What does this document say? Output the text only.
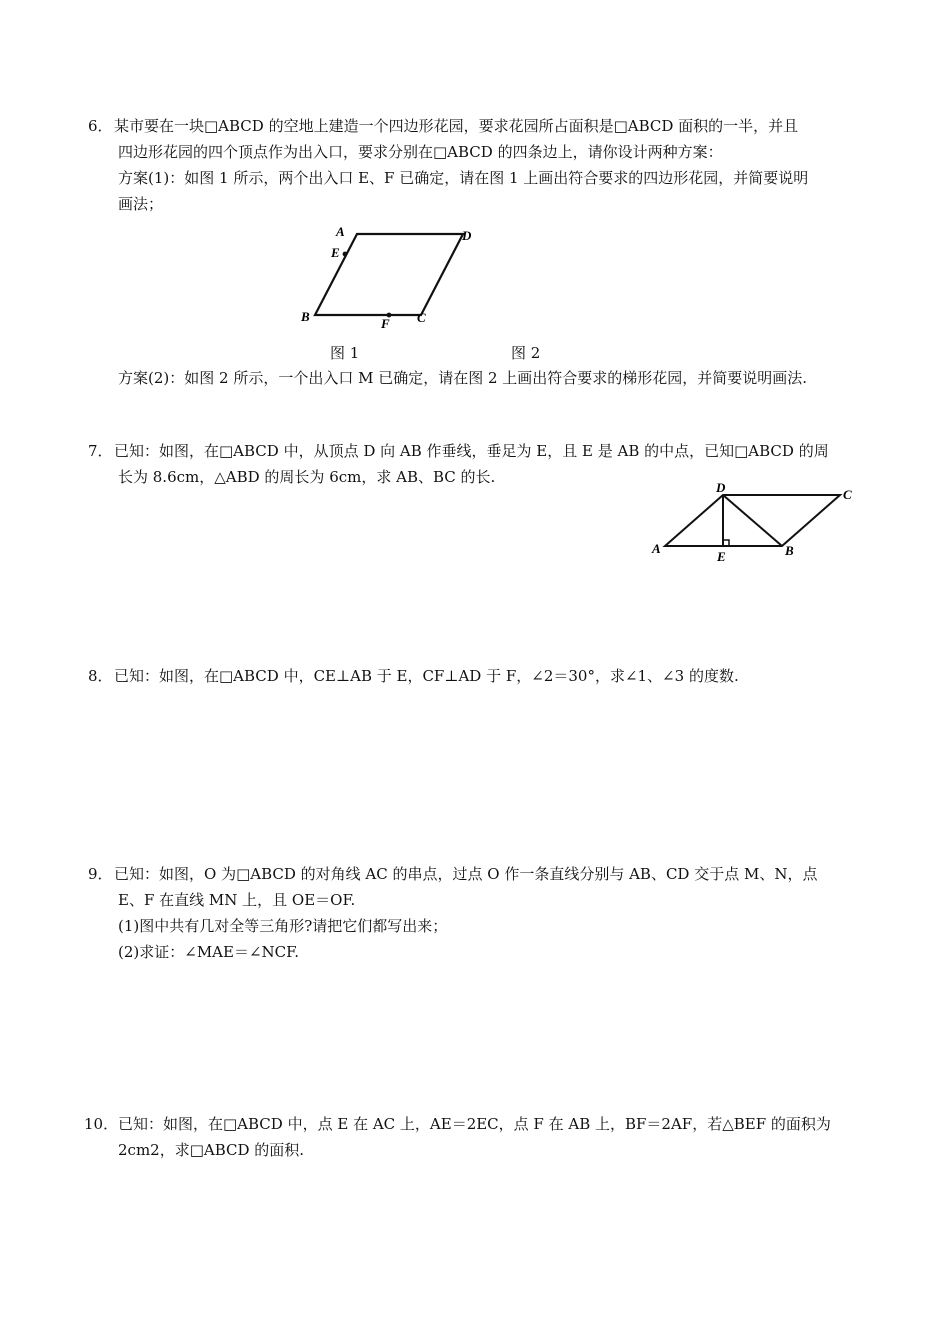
6． 某市要在一块□ABCD 的空地上建造一个四边形花园，要求花园所占面积是□ABCD 面积的一半，并且
四边形花园的四个顶点作为出入口，要求分别在□ABCD 的四条边上，请你设计两种方案：
方案(1)：如图 1 所示，两个出入口 E、F 已确定，请在图 1 上画出符合要求的四边形花园，并简要说明
画法；
A	D
E
B	F C
图 1	图 2
方案(2)：如图 2 所示，一个出入口 M 已确定，请在图 2 上画出符合要求的梯形花园，并简要说明画法.
7． 已知：如图，在□ABCD 中，从顶点 D 向 AB 作垂线，垂足为 E，且 E 是 AB 的中点，已知□ABCD 的周
长为 8.6cm，△ABD 的周长为 6cm，求 AB、BC 的长.
A
D	C
E	B
8． 已知：如图，在□ABCD 中，CE⊥AB 于 E，CF⊥AD 于 F，∠2＝30°，求∠1、∠3 的度数.
9． 已知：如图，O 为□ABCD 的对角线 AC 的串点，过点 O 作一条直线分别与 AB、CD 交于点 M、N，点
E、F 在直线 MN 上，且 OE＝OF.
(1)图中共有几对全等三角形?请把它们都写出来；
(2)求证：∠MAE＝∠NCF.
10． 已知：如图，在□ABCD 中，点 E 在 AC 上，AE＝2EC，点 F 在 AB 上，BF＝2AF，若△BEF 的面积为
2cm2，求□ABCD 的面积.
